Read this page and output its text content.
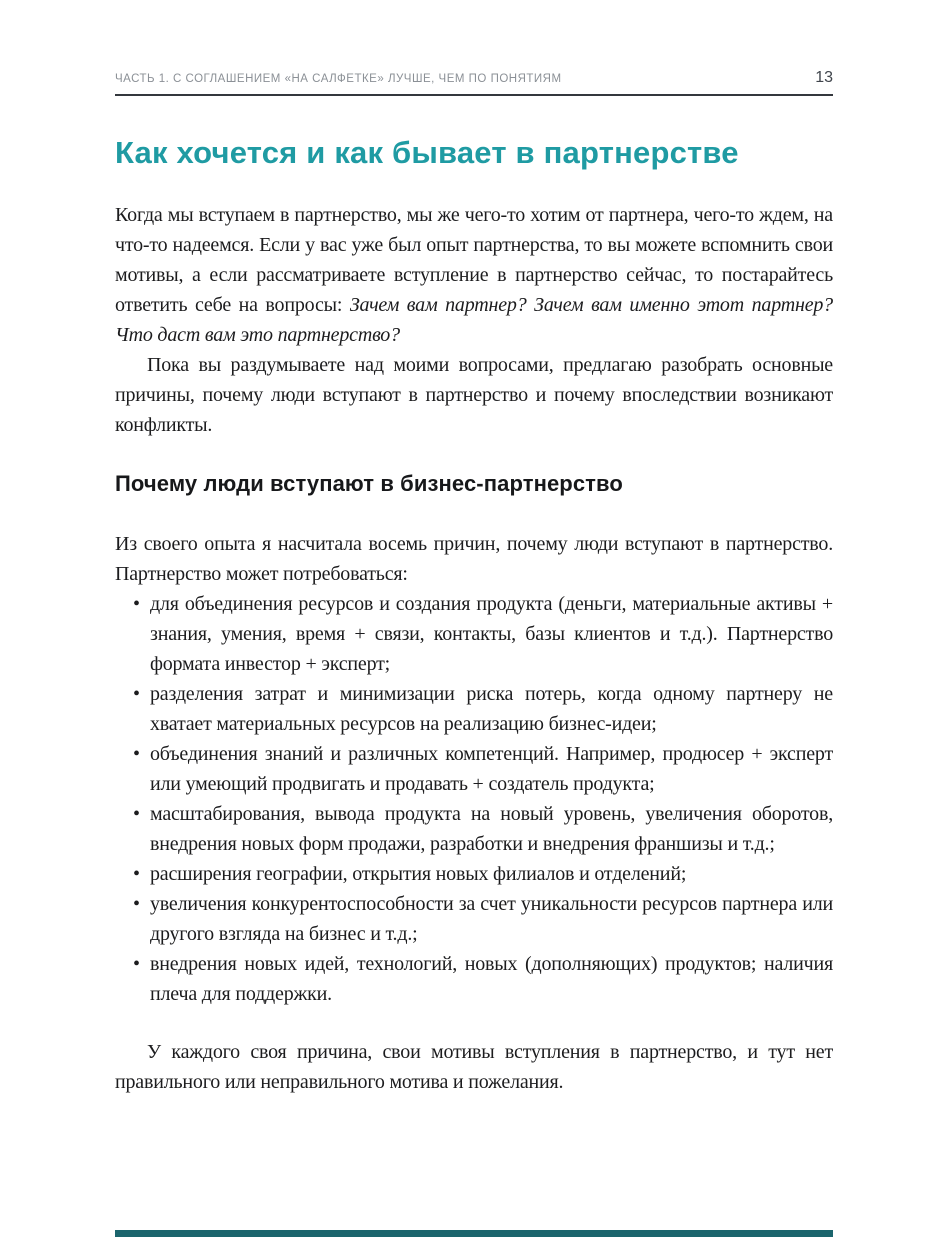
ЧАСТЬ 1. С СОГЛАШЕНИЕМ «НА САЛФЕТКЕ» ЛУЧШЕ, ЧЕМ ПО ПОНЯТИЯМ	13
Как хочется и как бывает в партнерстве

Когда мы вступаем в партнерство, мы же чего-то хотим от партнера, чего-то ждем, на что-то надеемся. Если у вас уже был опыт партнерства, то вы можете вспомнить свои мотивы, а если рассматриваете вступление в партнерство сейчас, то постарайтесь ответить себе на вопросы: Зачем вам партнер? Зачем вам именно этот партнер? Что даст вам это партнерство?

Пока вы раздумываете над моими вопросами, предлагаю разобрать основные причины, почему люди вступают в партнерство и почему впоследствии возникают конфликты.

Почему люди вступают в бизнес-партнерство

Из своего опыта я насчитала восемь причин, почему люди вступают в партнерство. Партнерство может потребоваться:

• для объединения ресурсов и создания продукта (деньги, материальные активы + знания, умения, время + связи, контакты, базы клиентов и т.д.). Партнерство формата инвестор + эксперт;
• разделения затрат и минимизации риска потерь, когда одному партнеру не хватает материальных ресурсов на реализацию бизнес-идеи;
• объединения знаний и различных компетенций. Например, продюсер + эксперт или умеющий продвигать и продавать + создатель продукта;
• масштабирования, вывода продукта на новый уровень, увеличения оборотов, внедрения новых форм продажи, разработки и внедрения франшизы и т.д.;
• расширения географии, открытия новых филиалов и отделений;
• увеличения конкурентоспособности за счет уникальности ресурсов партнера или другого взгляда на бизнес и т.д.;
• внедрения новых идей, технологий, новых (дополняющих) продуктов; наличия плеча для поддержки.

У каждого своя причина, свои мотивы вступления в партнерство, и тут нет правильного или неправильного мотива и пожелания.
